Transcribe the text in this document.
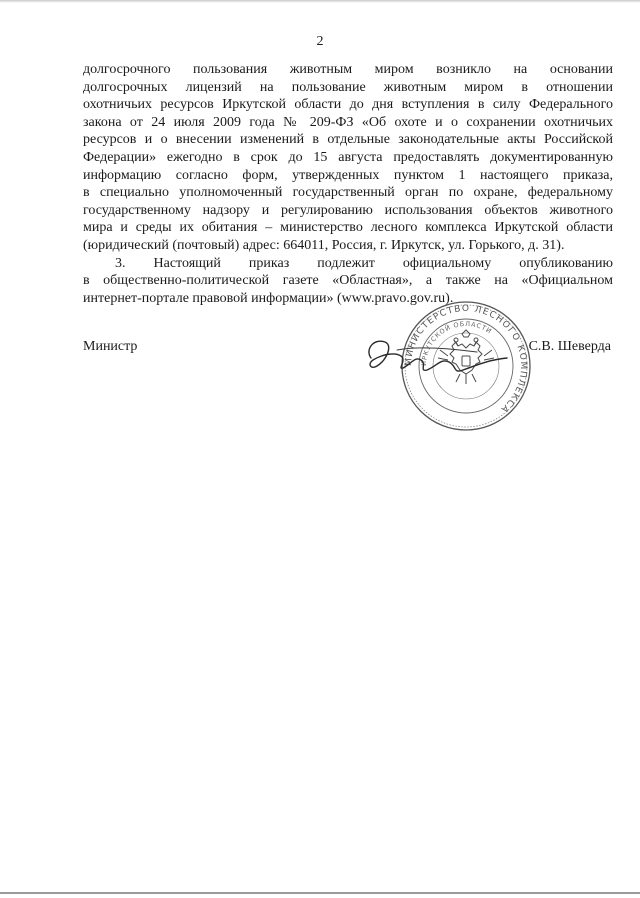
2
долгосрочного пользования животным миром возникло на основании
долгосрочных лицензий на пользование животным миром в отношении
охотничьих ресурсов Иркутской области до дня вступления в силу Федерального
закона от 24 июля 2009 года № 209-ФЗ «Об охоте и о сохранении охотничьих
ресурсов и о внесении изменений в отдельные законодательные акты Российской
Федерации» ежегодно в срок до 15 августа предоставлять документированную
информацию согласно форм, утвержденных пунктом 1 настоящего приказа,
в специально уполномоченный государственный орган по охране, федеральному
государственному надзору и регулированию использования объектов животного
мира и среды их обитания – министерство лесного комплекса Иркутской области
(юридический (почтовый) адрес: 664011, Россия, г. Иркутск, ул. Горького, д. 31).
3. Настоящий приказ подлежит официальному опубликованию
в общественно-политической газете «Областная», а также на «Официальном
интернет-портале правовой информации» (www.pravo.gov.ru).
МИНИСТЕРСТВО ЛЕСНОГО КОМПЛЕКСА
ИРКУТСКОЙ ОБЛАСТИ
Министр	С.В. Шеверда
